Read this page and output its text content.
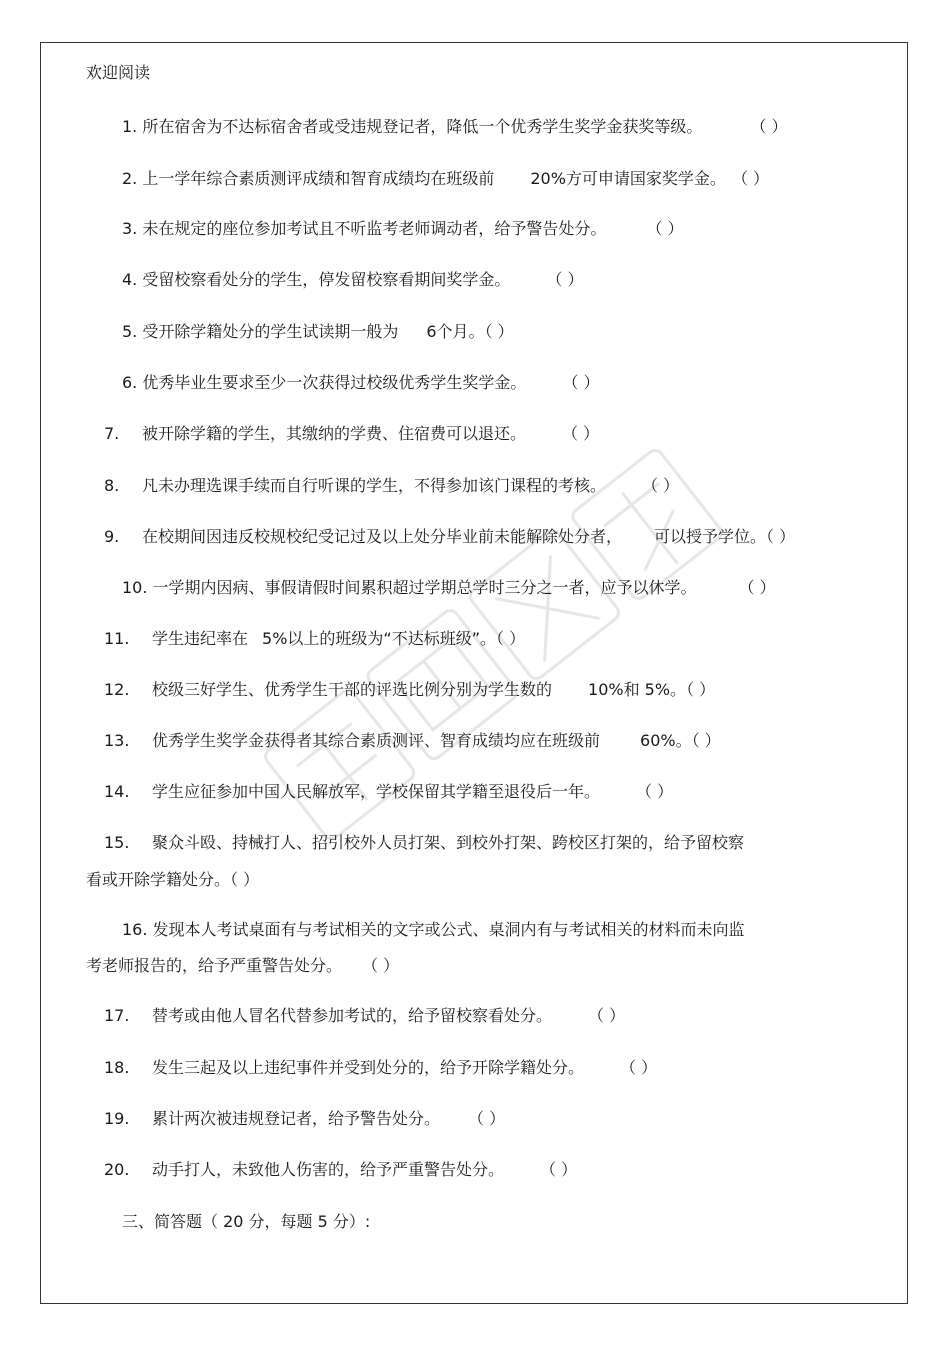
欢迎阅读
1. 所在宿舍为不达标宿舍者或受违规登记者，降低一个优秀学生奖学金获奖等级。	（ ）
2. 上一学年综合素质测评成绩和智育成绩均在班级前 20%方可申请国家奖学金。 （ ）
3. 未在规定的座位参加考试且不听监考老师调动者，给予警告处分。	（ ）
4. 受留校察看处分的学生，停发留校察看期间奖学金。 （ ）
5. 受开除学籍处分的学生试读期一般为 6个月。（ ）
6. 优秀毕业生要求至少一次获得过校级优秀学生奖学金。 （ ）
7. 被开除学籍的学生，其缴纳的学费、住宿费可以退还。 （ ）
8. 凡未办理选课手续而自行听课的学生，不得参加该门课程的考核。 （ ）
9. 在校期间因违反校规校纪受记过及以上处分毕业前未能解除处分者， 可以授予学位。（ ）
10. 一学期内因病、事假请假时间累积超过学期总学时三分之一者，应予以休学。	（ ）
11. 学生违纪率在 5%以上的班级为“不达标班级”。（ ）
12. 校级三好学生、优秀学生干部的评选比例分别为学生数的 10%和 5%。（ ）
13. 优秀学生奖学金获得者其综合素质测评、智育成绩均应在班级前	60%。（ ）
14. 学生应征参加中国人民解放军，学校保留其学籍至退役后一年。 （ ）
15. 聚众斗殴、持械打人、招引校外人员打架、到校外打架、跨校区打架的，给予留校察
看或开除学籍处分。（ ）
16. 发现本人考试桌面有与考试相关的文字或公式、桌洞内有与考试相关的材料而未向监
考老师报告的，给予严重警告处分。 （ ）
17. 替考或由他人冒名代替参加考试的，给予留校察看处分。 （ ）
18. 发生三起及以上违纪事件并受到处分的，给予开除学籍处分。 （ ）
19. 累计两次被违规登记者，给予警告处分。 （ ）
20. 动手打人，未致他人伤害的，给予严重警告处分。 （ ）
三、简答题（ 20 分，每题 5 分）:
